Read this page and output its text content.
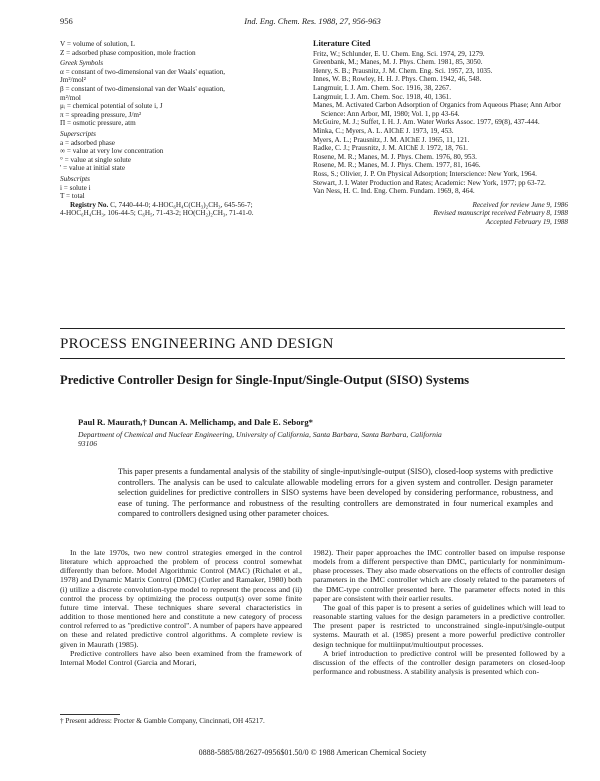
956	Ind. Eng. Chem. Res. 1988, 27, 956-963
V = volume of solution, L
Z = adsorbed phase composition, mole fraction
Greek Symbols
α = constant of two-dimensional van der Waals' equation,
Jm²/mol²
β = constant of two-dimensional van der Waals' equation,
m²/mol
μᵢ = chemical potential of solute i, J
π = spreading pressure, J/m²
Π = osmotic pressure, atm
Superscripts
a = adsorbed phase
∞ = value at very low concentration
° = value at single solute
' = value at initial state
Subscripts
i = solute i
T = total
Registry No. C, 7440-44-0; 4-HOC₆H₄C(CH₃)₂CH₃, 645-56-7;
4-HOC₆H₄CH₃, 106-44-5; C₆H₅, 71-43-2; HO(CH₂)₂CH₃, 71-41-0.
Literature Cited
Fritz, W.; Schlunder, E. U. Chem. Eng. Sci. 1974, 29, 1279.
Greenbank, M.; Manes, M. J. Phys. Chem. 1981, 85, 3050.
Henry, S. B.; Prausnitz, J. M. Chem. Eng. Sci. 1957, 23, 1035.
Innes, W. B.; Rowley, H. H. J. Phys. Chem. 1942, 46, 548.
Langmuir, I. J. Am. Chem. Soc. 1916, 38, 2267.
Langmuir, I. J. Am. Chem. Soc. 1918, 40, 1361.
Manes, M. Activated Carbon Adsorption of Organics from Aqueous Phase; Ann Arbor Science: Ann Arbor, MI, 1980; Vol. 1, pp 43-64.
McGuire, M. J.; Suffet, I. H. J. Am. Water Works Assoc. 1977, 69(8), 437-444.
Minka, C.; Myers, A. L. AIChE J. 1973, 19, 453.
Myers, A. L.; Prausnitz, J. M. AIChE J. 1965, 11, 121.
Radke, C. J.; Prausnitz, J. M. AIChE J. 1972, 18, 761.
Rosene, M. R.; Manes, M. J. Phys. Chem. 1976, 80, 953.
Rosene, M. R.; Manes, M. J. Phys. Chem. 1977, 81, 1646.
Ross, S.; Olivier, J. P. On Physical Adsorption; Interscience: New York, 1964.
Stewart, J. I. Water Production and Rates; Academic: New York, 1977; pp 63-72.
Van Ness, H. C. Ind. Eng. Chem. Fundam. 1969, 8, 464.
Received for review June 9, 1986
Revised manuscript received February 8, 1988
Accepted February 19, 1988
PROCESS ENGINEERING AND DESIGN
Predictive Controller Design for Single-Input/Single-Output (SISO) Systems
Paul R. Maurath,† Duncan A. Mellichamp, and Dale E. Seborg*
Department of Chemical and Nuclear Engineering, University of California, Santa Barbara, Santa Barbara, California 93106
This paper presents a fundamental analysis of the stability of single-input/single-output (SISO), closed-loop systems with predictive controllers. The analysis can be used to calculate allowable modeling errors for a given system and controller. Design parameter selection guidelines for predictive controllers in SISO systems have been developed by considering performance, robustness, and ease of tuning. The performance and robustness of the resulting controllers are demonstrated in four numerical examples and compared to controllers designed using other parameter choices.

In the late 1970s, two new control strategies emerged in the control literature which approached the problem of process control somewhat differently than before. Model Algorithmic Control (MAC) (Richalet et al., 1978) and Dynamic Matrix Control (DMC) (Cutler and Ramaker, 1980) both (i) utilize a discrete convolution-type model to represent the process and (ii) control the process by optimizing the process output(s) over some finite future time interval. These techniques share several characteristics in addition to those mentioned here and constitute a new category of process control referred to as "predictive control". A number of papers have appeared on these and related predictive control algorithms. A complete review is given in Maurath (1985).

Predictive controllers have also been examined from the framework of Internal Model Control (Garcia and Morari,

1982). Their paper approaches the IMC controller based on impulse response models from a different perspective than DMC, particularly for nonminimum-phase processes. They also made observations on the effects of controller design parameters in the IMC controller which are closely related to the parameters of the DMC-type controller presented here. The parameter effects noted in this paper are consistent with their earlier results.

The goal of this paper is to present a series of guidelines which will lead to reasonable starting values for the design parameters in a predictive controller. The present paper is restricted to unconstrained single-input/single-output systems. Maurath et al. (1985) present a more powerful predictive controller design technique for multiinput/multioutput processes.

A brief introduction to predictive control will be presented followed by a discussion of the effects of the controller design parameters on closed-loop performance and robustness. A stability analysis is presented which con-

† Present address: Procter & Gamble Company, Cincinnati, OH 45217.
0888-5885/88/2627-0956$01.50/0 © 1988 American Chemical Society
